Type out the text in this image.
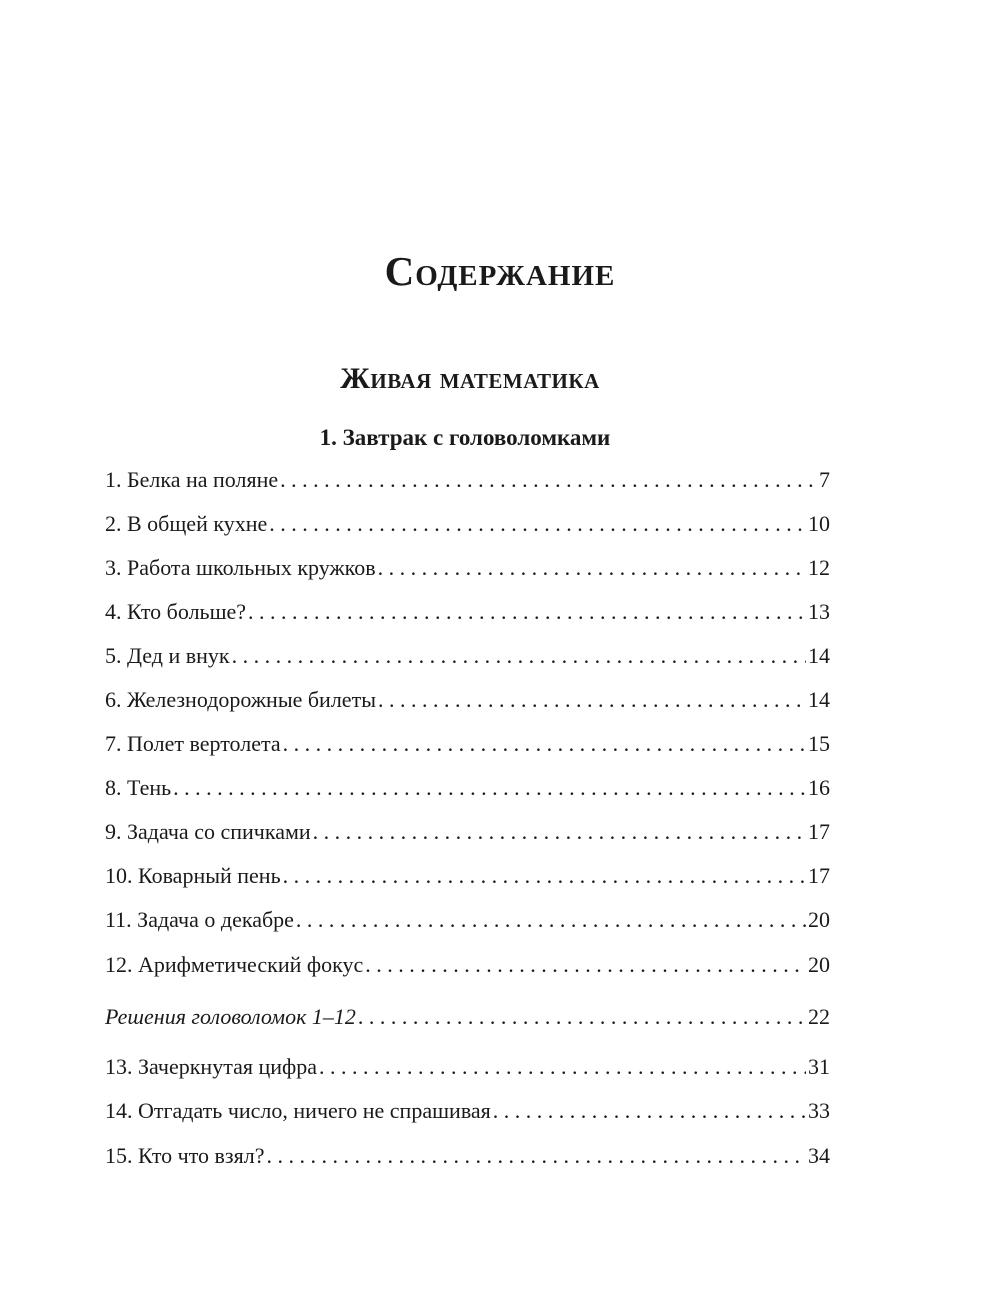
Содержание
Живая математика
1. Завтрак с головоломками
1. Белка на поляне . . .	7
2. В общей кухне . . .	10
3. Работа школьных кружков . . .	12
4. Кто больше? . . .	13
5. Дед и внук . . .	14
6. Железнодорожные билеты . . .	14
7. Полет вертолета . . .	15
8. Тень . . .	16
9. Задача со спичками . . .	17
10. Коварный пень . . .	17
11. Задача о декабре . . .	20
12. Арифметический фокус . . .	20
Решения головоломок 1–12 . . .	22
13. Зачеркнутая цифра . . .	31
14. Отгадать число, ничего не спрашивая . . .	33
15. Кто что взял? . . .	34
